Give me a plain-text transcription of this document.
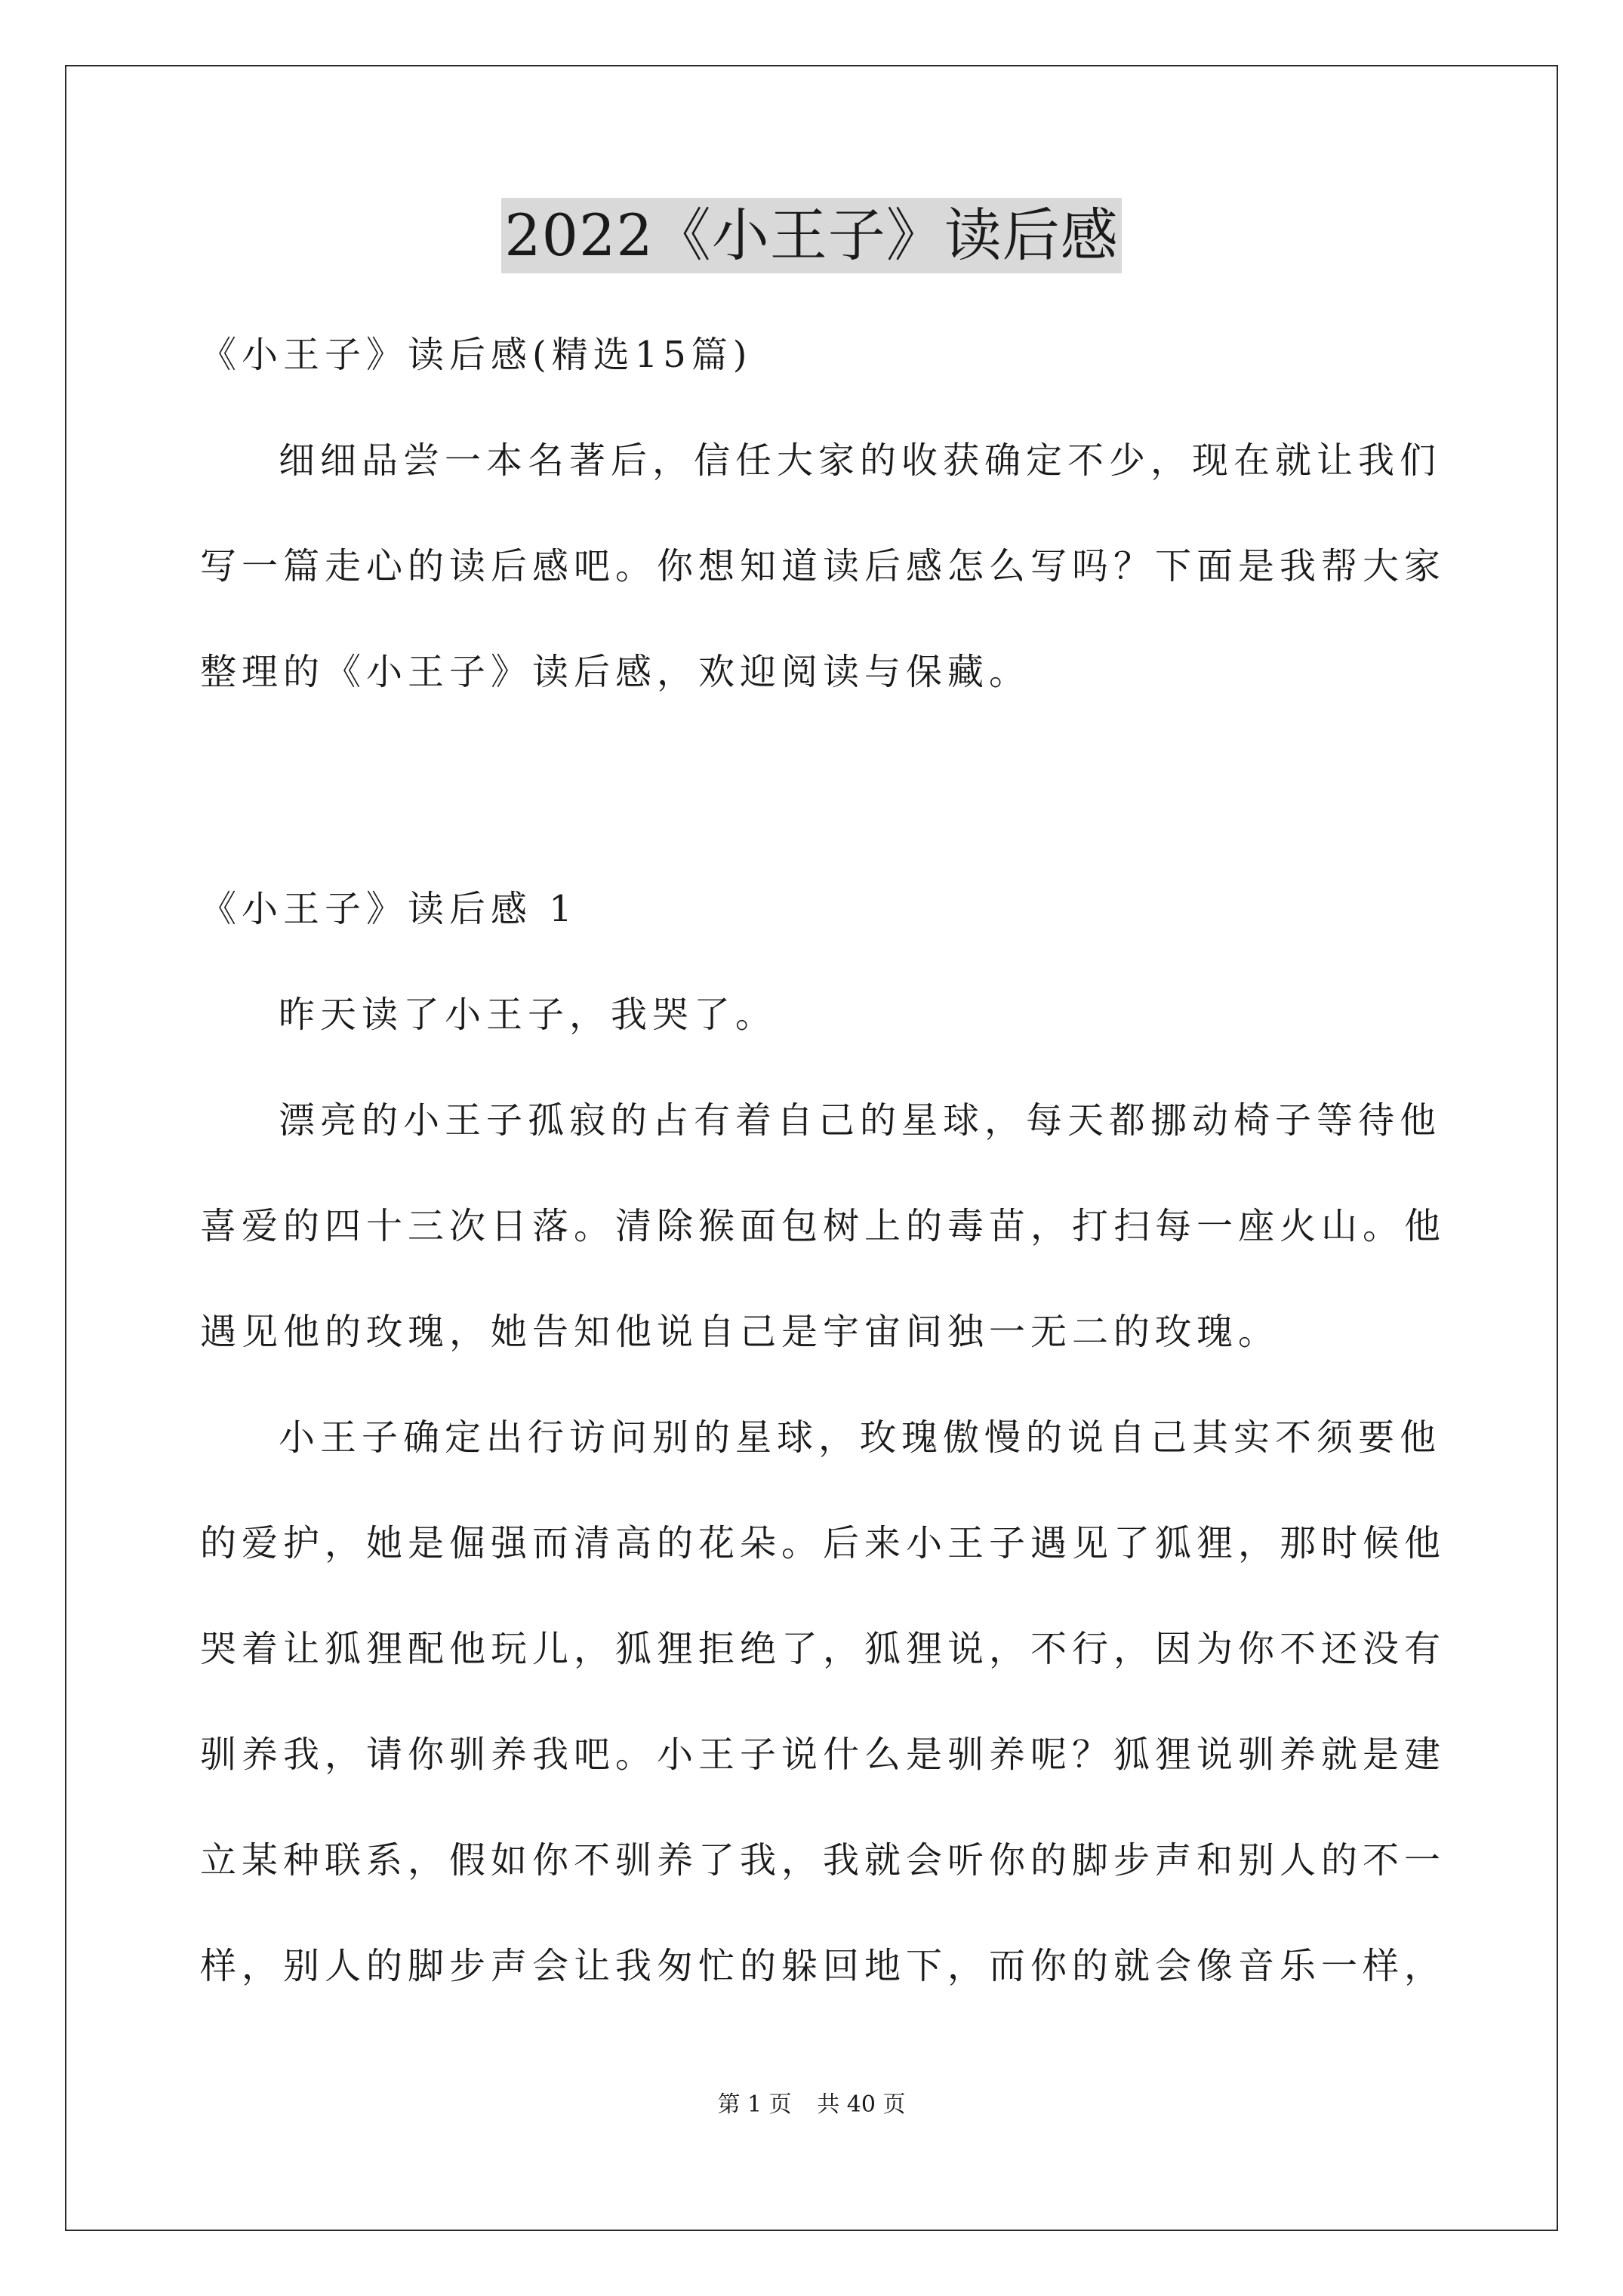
2022《小王子》读后感
《小王子》读后感(精选15篇)
细细品尝一本名著后，信任大家的收获确定不少，现在就让我们
写一篇走心的读后感吧。你想知道读后感怎么写吗？下面是我帮大家
整理的《小王子》读后感，欢迎阅读与保藏。
《小王子》读后感 1
昨天读了小王子，我哭了。
漂亮的小王子孤寂的占有着自己的星球，每天都挪动椅子等待他
喜爱的四十三次日落。清除猴面包树上的毒苗，打扫每一座火山。他
遇见他的玫瑰，她告知他说自己是宇宙间独一无二的玫瑰。
小王子确定出行访问别的星球，玫瑰傲慢的说自己其实不须要他
的爱护，她是倔强而清高的花朵。后来小王子遇见了狐狸，那时候他
哭着让狐狸配他玩儿，狐狸拒绝了，狐狸说，不行，因为你不还没有
驯养我，请你驯养我吧。小王子说什么是驯养呢？狐狸说驯养就是建
立某种联系，假如你不驯养了我，我就会听你的脚步声和别人的不一
样，别人的脚步声会让我匆忙的躲回地下，而你的就会像音乐一样，
第 1 页 共 40 页
